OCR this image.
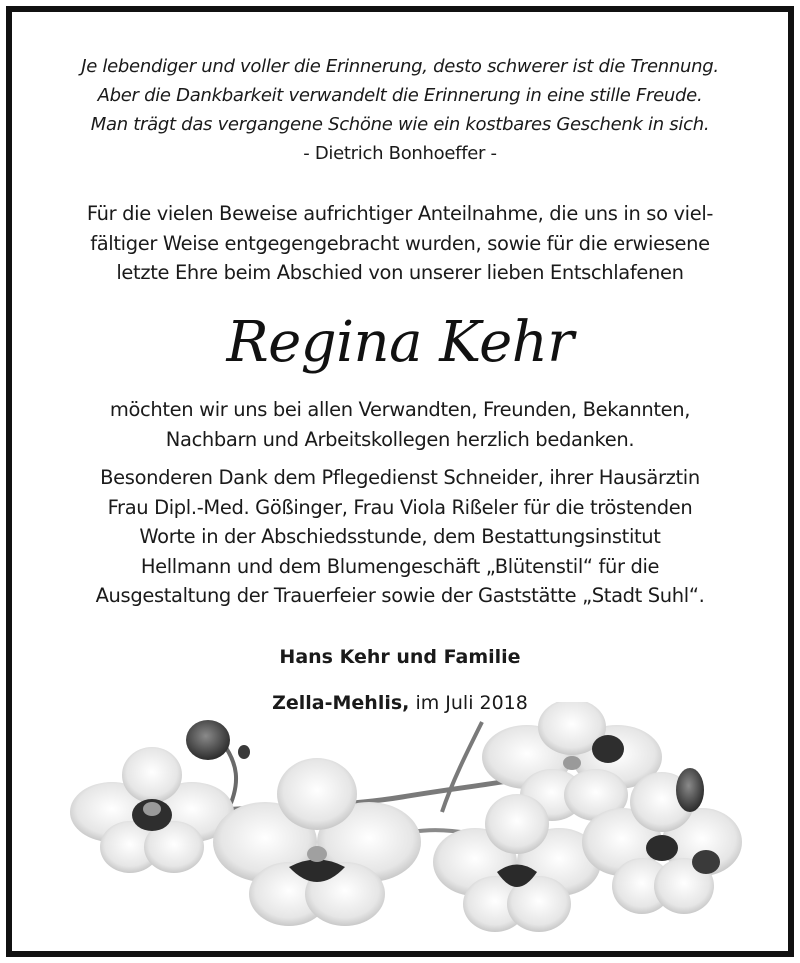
Je lebendiger und voller die Erinnerung, desto schwerer ist die Trennung.
Aber die Dankbarkeit verwandelt die Erinnerung in eine stille Freude.
Man trägt das vergangene Schöne wie ein kostbares Geschenk in sich.
- Dietrich Bonhoeffer -
Für die vielen Beweise aufrichtiger Anteilnahme, die uns in so viel-
fältiger Weise entgegengebracht wurden, sowie für die erwiesene
letzte Ehre beim Abschied von unserer lieben Entschlafenen
Regina Kehr
möchten wir uns bei allen Verwandten, Freunden, Bekannten,
Nachbarn und Arbeitskollegen herzlich bedanken.
Besonderen Dank dem Pflegedienst Schneider, ihrer Hausärztin
Frau Dipl.-Med. Gößinger, Frau Viola Rißeler für die tröstenden
Worte in der Abschiedsstunde, dem Bestattungsinstitut
Hellmann und dem Blumengeschäft „Blütenstil“ für die
Ausgestaltung der Trauerfeier sowie der Gaststätte „Stadt Suhl“.
Hans Kehr und Familie
Zella-Mehlis, im Juli 2018
